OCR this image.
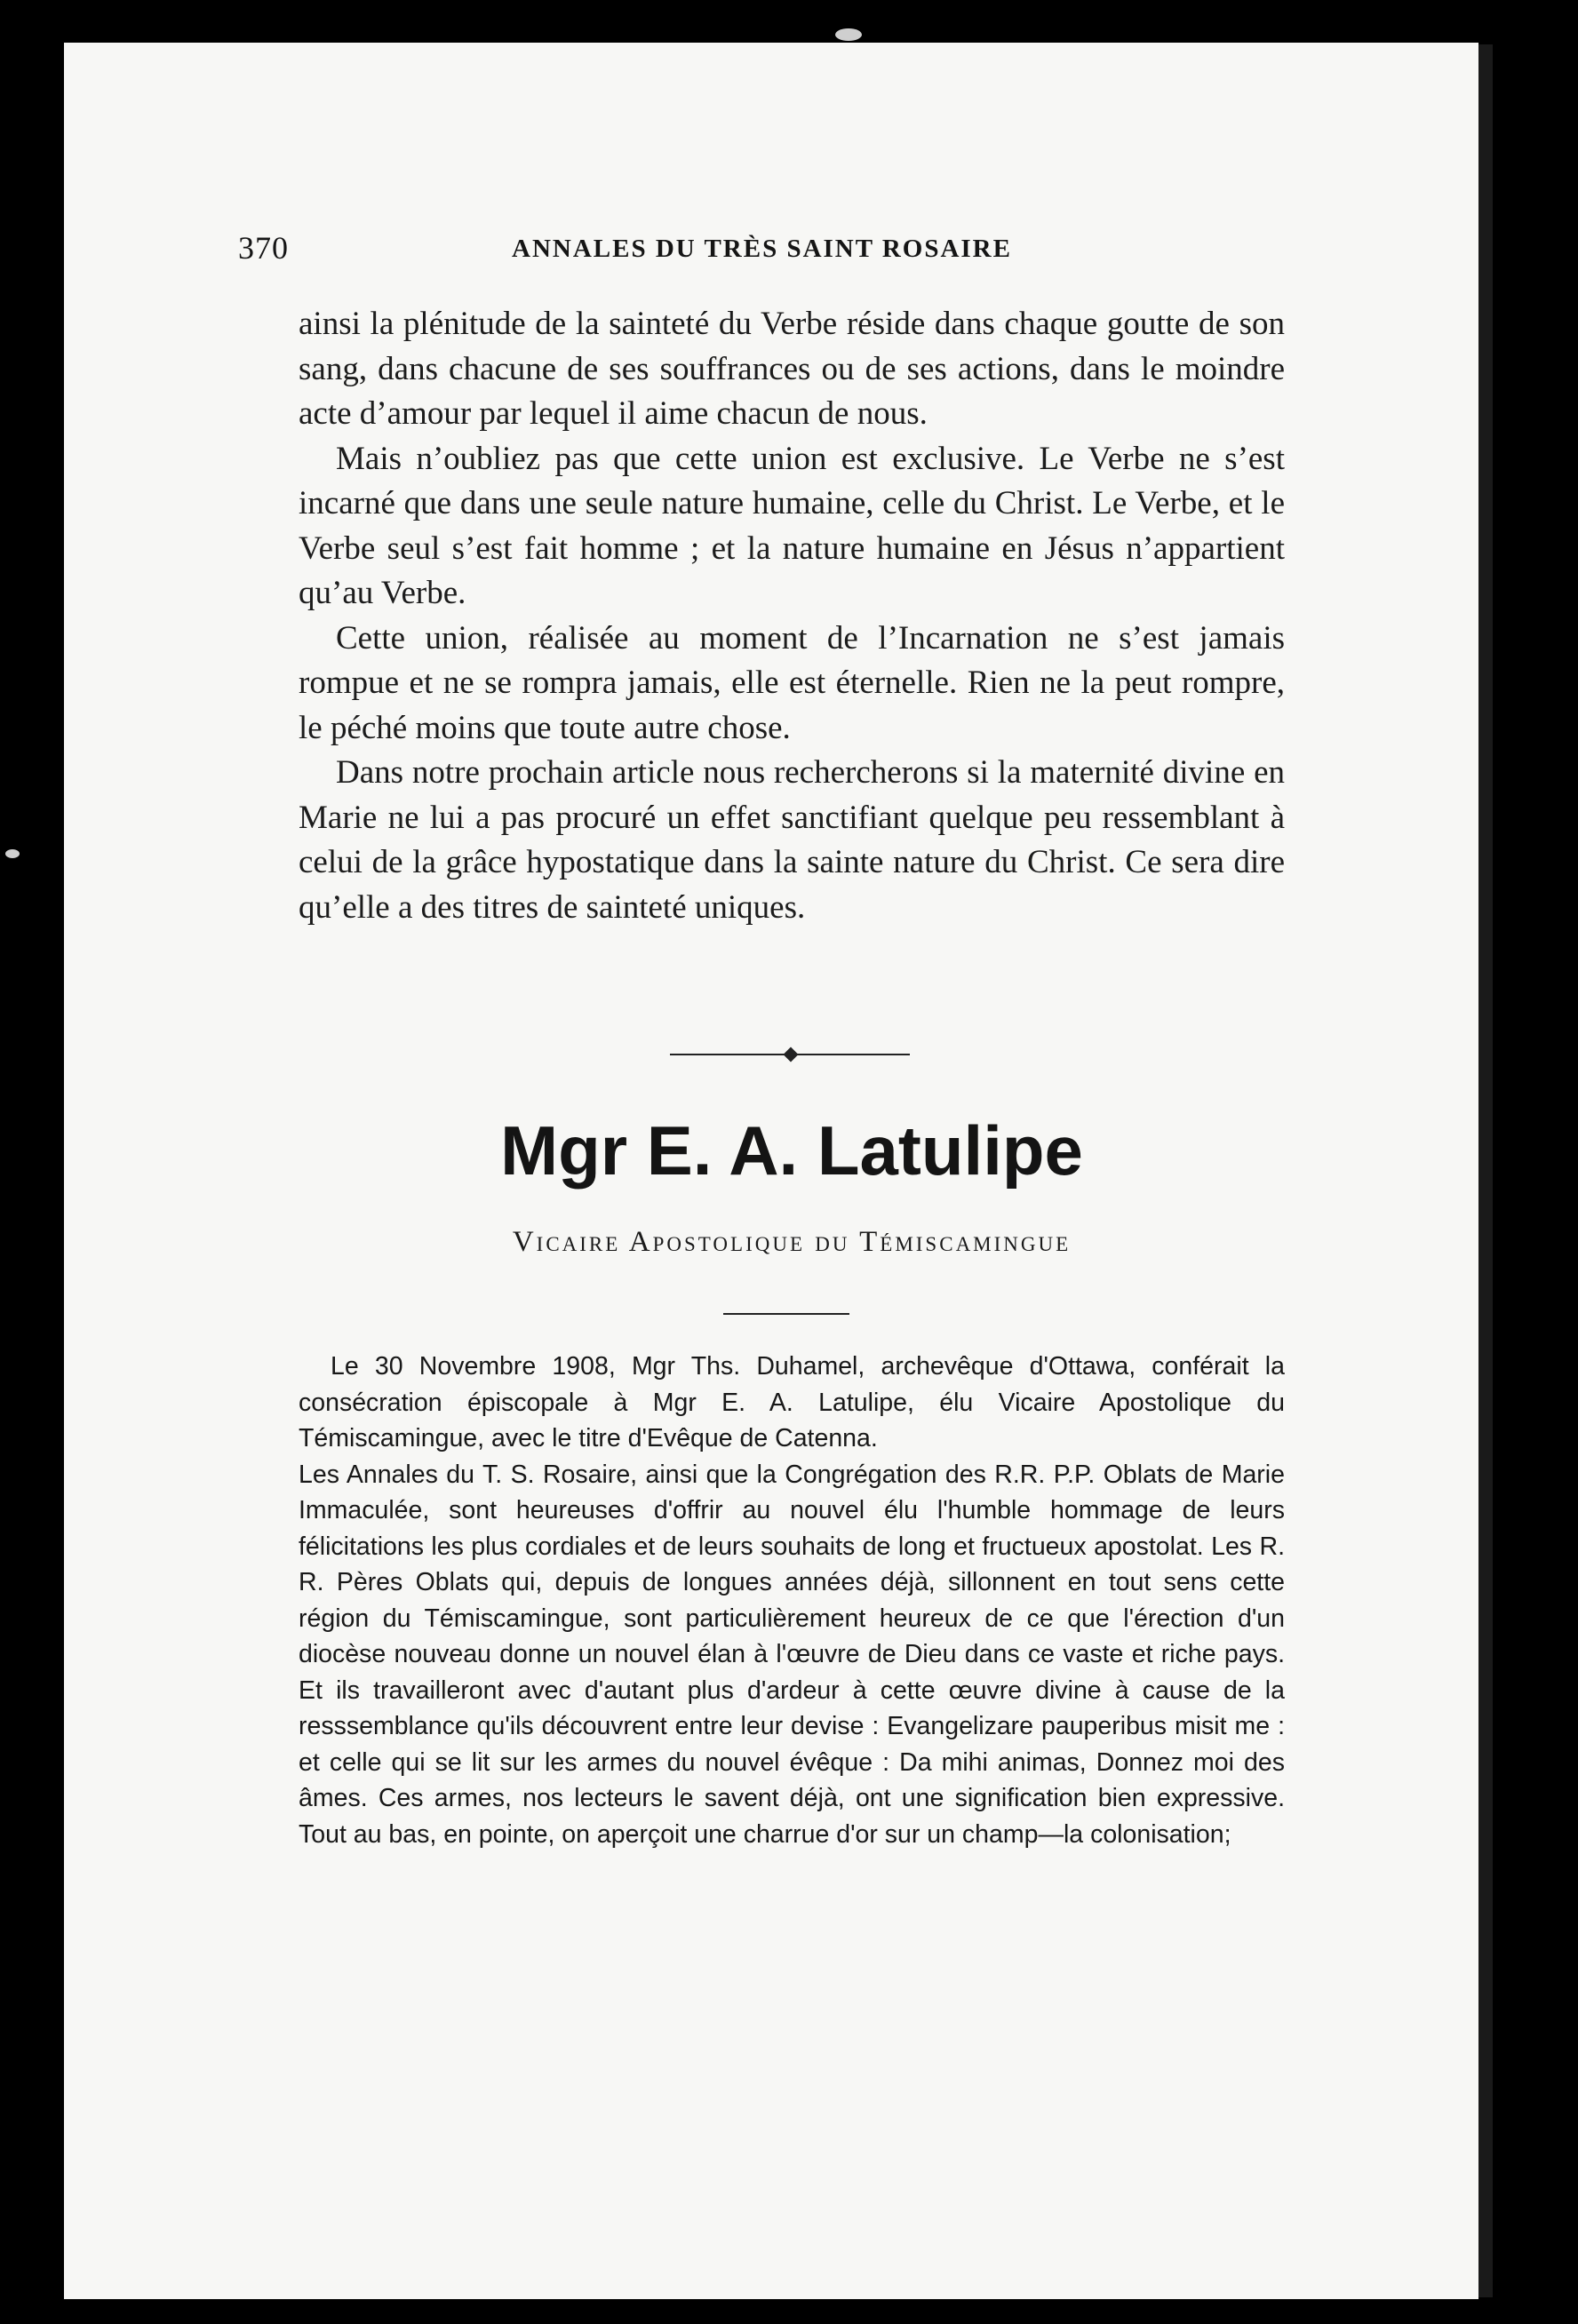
370	ANNALES DU TRÈS SAINT ROSAIRE

ainsi la plénitude de la sainteté du Verbe réside dans chaque goutte de son sang, dans chacune de ses souffrances ou de ses actions, dans le moindre acte d’amour par lequel il aime chacun de nous.

Mais n’oubliez pas que cette union est exclusive. Le Verbe ne s’est incarné que dans une seule nature humaine, celle du Christ. Le Verbe, et le Verbe seul s’est fait homme ; et la nature humaine en Jésus n’appartient qu’au Verbe.

Cette union, réalisée au moment de l’Incarnation ne s’est jamais rompue et ne se rompra jamais, elle est éternelle. Rien ne la peut rompre, le péché moins que toute autre chose.

Dans notre prochain article nous rechercherons si la maternité divine en Marie ne lui a pas procuré un effet sanctifiant quelque peu ressemblant à celui de la grâce hypostatique dans la sainte nature du Christ. Ce sera dire qu’elle a des titres de sainteté uniques.

Mgr E. A. Latulipe
Vicaire Apostolique du Témiscamingue

Le 30 Novembre 1908, Mgr Ths. Duhamel, archevêque d'Ottawa, conférait la consécration épiscopale à Mgr E. A. Latulipe, élu Vicaire Apostolique du Témiscamingue, avec le titre d'Evêque de Catenna.

Les Annales du T. S. Rosaire, ainsi que la Congrégation des R.R. P.P. Oblats de Marie Immaculée, sont heureuses d'offrir au nouvel élu l'humble hommage de leurs félicitations les plus cordiales et de leurs souhaits de long et fructueux apostolat. Les R. R. Pères Oblats qui, depuis de longues années déjà, sillonnent en tout sens cette région du Témiscamingue, sont particulièrement heureux de ce que l'érection d'un diocèse nouveau donne un nouvel élan à l'œuvre de Dieu dans ce vaste et riche pays. Et ils travailleront avec d'autant plus d'ardeur à cette œuvre divine à cause de la resssemblance qu'ils découvrent entre leur devise : Evangelizare pauperibus misit me : et celle qui se lit sur les armes du nouvel évêque : Da mihi animas, Donnez moi des âmes. Ces armes, nos lecteurs le savent déjà, ont une signification bien expressive. Tout au bas, en pointe, on aperçoit une charrue d'or sur un champ—la colonisation;
